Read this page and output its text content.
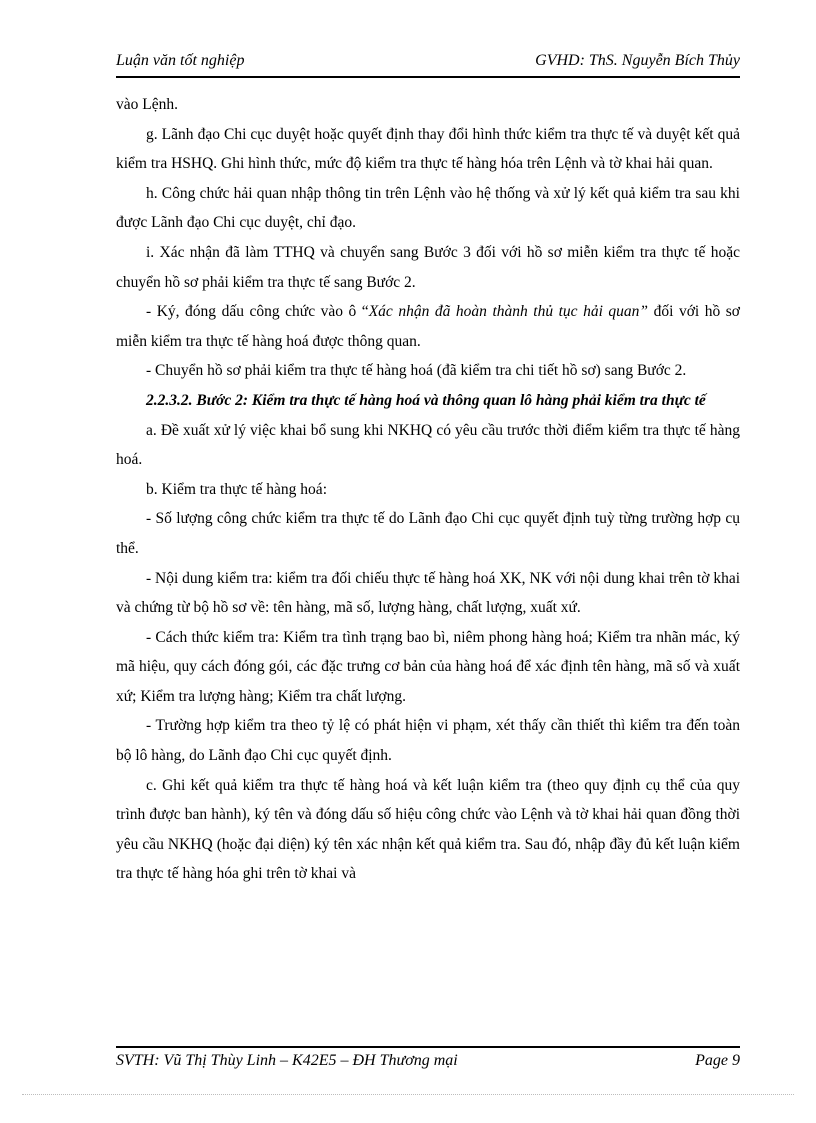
Luận văn tốt nghiệp	GVHD: ThS. Nguyễn Bích Thủy

vào Lệnh.

g. Lãnh đạo Chi cục duyệt hoặc quyết định thay đổi hình thức kiểm tra thực tế và duyệt kết quả kiểm tra HSHQ. Ghi hình thức, mức độ kiểm tra thực tế hàng hóa trên Lệnh và tờ khai hải quan.

h. Công chức hải quan nhập thông tin trên Lệnh vào hệ thống và xử lý kết quả kiểm tra sau khi được Lãnh đạo Chi cục duyệt, chỉ đạo.

i. Xác nhận đã làm TTHQ và chuyển sang Bước 3 đối với hồ sơ miễn kiểm tra thực tế hoặc chuyển hồ sơ phải kiểm tra thực tế sang Bước 2.

- Ký, đóng dấu công chức vào ô “Xác nhận đã hoàn thành thủ tục hải quan” đối với hồ sơ miễn kiểm tra thực tế hàng hoá được thông quan.

- Chuyển hồ sơ phải kiểm tra thực tế hàng hoá (đã kiểm tra chi tiết hồ sơ) sang Bước 2.

2.2.3.2. Bước 2: Kiểm tra thực tế hàng hoá và thông quan lô hàng phải kiểm tra thực tế

a. Đề xuất xử lý việc khai bổ sung khi NKHQ có yêu cầu trước thời điểm kiểm tra thực tế hàng hoá.

b. Kiểm tra thực tế hàng hoá:

- Số lượng công chức kiểm tra thực tế do Lãnh đạo Chi cục quyết định tuỳ từng trường hợp cụ thể.

- Nội dung kiểm tra: kiểm tra đối chiếu thực tế hàng hoá XK, NK với nội dung khai trên tờ khai và chứng từ bộ hồ sơ về: tên hàng, mã số, lượng hàng, chất lượng, xuất xứ.

- Cách thức kiểm tra: Kiểm tra tình trạng bao bì, niêm phong hàng hoá; Kiểm tra nhãn mác, ký mã hiệu, quy cách đóng gói, các đặc trưng cơ bản của hàng hoá để xác định tên hàng, mã số và xuất xứ; Kiểm tra lượng hàng; Kiểm tra chất lượng.

- Trường hợp kiểm tra theo tỷ lệ có phát hiện vi phạm, xét thấy cần thiết thì kiểm tra đến toàn bộ lô hàng, do Lãnh đạo Chi cục quyết định.

c. Ghi kết quả kiểm tra thực tế hàng hoá và kết luận kiểm tra (theo quy định cụ thể của quy trình được ban hành), ký tên và đóng dấu số hiệu công chức vào Lệnh và tờ khai hải quan đồng thời yêu cầu NKHQ (hoặc đại diện) ký tên xác nhận kết quả kiểm tra. Sau đó, nhập đầy đủ kết luận kiểm tra thực tế hàng hóa ghi trên tờ khai và

SVTH: Vũ Thị Thùy Linh – K42E5 – ĐH Thương mại	Page 9
